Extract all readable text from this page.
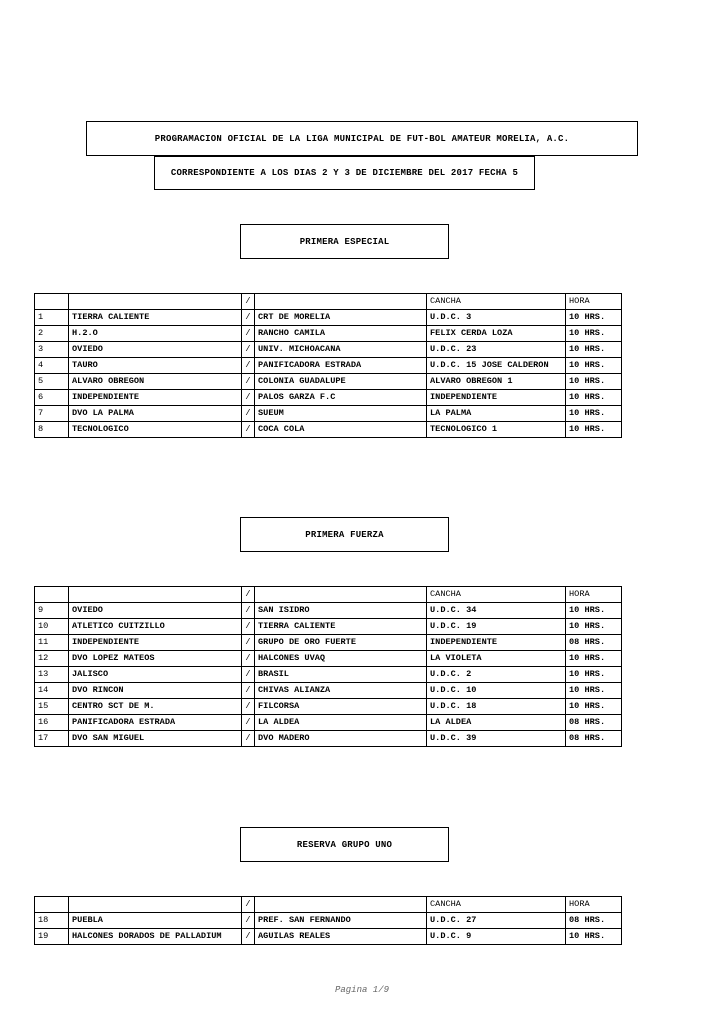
PROGRAMACION OFICIAL DE LA LIGA MUNICIPAL DE FUT-BOL AMATEUR MORELIA, A.C.
CORRESPONDIENTE A LOS DIAS 2 Y 3 DE DICIEMBRE DEL 2017 FECHA 5
PRIMERA ESPECIAL
		/		CANCHA	HORA
1	TIERRA CALIENTE	/	CRT DE MORELIA	U.D.C. 3	10 HRS.
2	H.2.O	/	RANCHO CAMILA	FELIX CERDA LOZA	10 HRS.
3	OVIEDO	/	UNIV. MICHOACANA	U.D.C. 23	10 HRS.
4	TAURO	/	PANIFICADORA ESTRADA	U.D.C. 15 JOSE CALDERON	10 HRS.
5	ALVARO OBREGON	/	COLONIA GUADALUPE	ALVARO OBREGON 1	10 HRS.
6	INDEPENDIENTE	/	PALOS GARZA F.C	INDEPENDIENTE	10 HRS.
7	DVO LA PALMA	/	SUEUM	LA PALMA	10 HRS.
8	TECNOLOGICO	/	COCA COLA	TECNOLOGICO 1	10 HRS.
PRIMERA FUERZA
		/		CANCHA	HORA
9	OVIEDO	/	SAN ISIDRO	U.D.C. 34	10 HRS.
10	ATLETICO CUITZILLO	/	TIERRA CALIENTE	U.D.C. 19	10 HRS.
11	INDEPENDIENTE	/	GRUPO DE ORO FUERTE	INDEPENDIENTE	08 HRS.
12	DVO LOPEZ MATEOS	/	HALCONES UVAQ	LA VIOLETA	10 HRS.
13	JALISCO	/	BRASIL	U.D.C. 2	10 HRS.
14	DVO RINCON	/	CHIVAS ALIANZA	U.D.C. 10	10 HRS.
15	CENTRO SCT DE M.	/	FILCORSA	U.D.C. 18	10 HRS.
16	PANIFICADORA ESTRADA	/	LA ALDEA	LA ALDEA	08 HRS.
17	DVO SAN MIGUEL	/	DVO MADERO	U.D.C. 39	08 HRS.
RESERVA GRUPO UNO
		/		CANCHA	HORA
18	PUEBLA	/	PREF. SAN FERNANDO	U.D.C. 27	08 HRS.
19	HALCONES DORADOS DE PALLADIUM	/	AGUILAS REALES	U.D.C. 9	10 HRS.
Pagina 1/9
